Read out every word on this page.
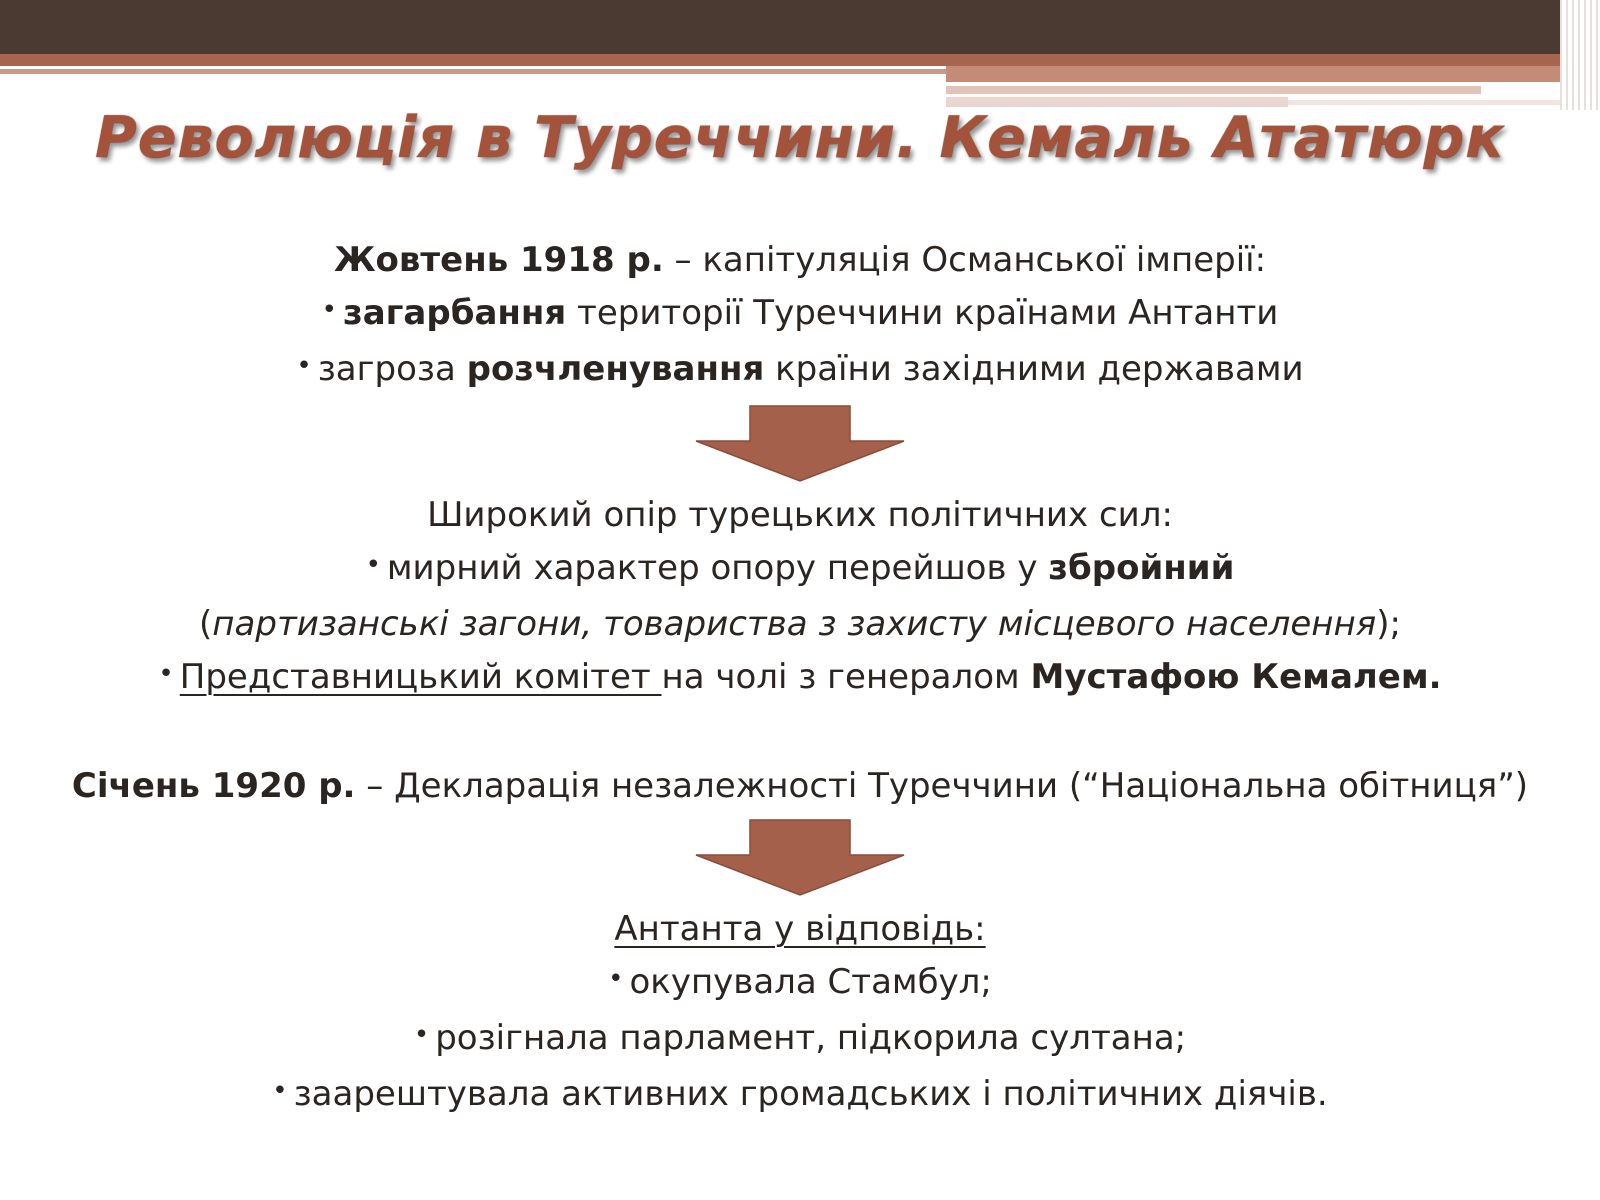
Революція в Туреччини. Кемаль Ататюрк
Жовтень 1918 р. – капітуляція Османської імперії:
• загарбання території Туреччини країнами Антанти
• загроза розчленування країни західними державами
Широкий опір турецьких політичних сил:
• мирний характер опору перейшов у збройний
(партизанські загони, товариства з захисту місцевого населення);
• Представницький комітет на чолі з генералом Мустафою Кемалем.
Січень 1920 р. – Декларація незалежності Туреччини (“Національна обітниця”)
Антанта у відповідь:
• окупувала Стамбул;
• розігнала парламент, підкорила султана;
• заарештувала активних громадських і політичних діячів.
